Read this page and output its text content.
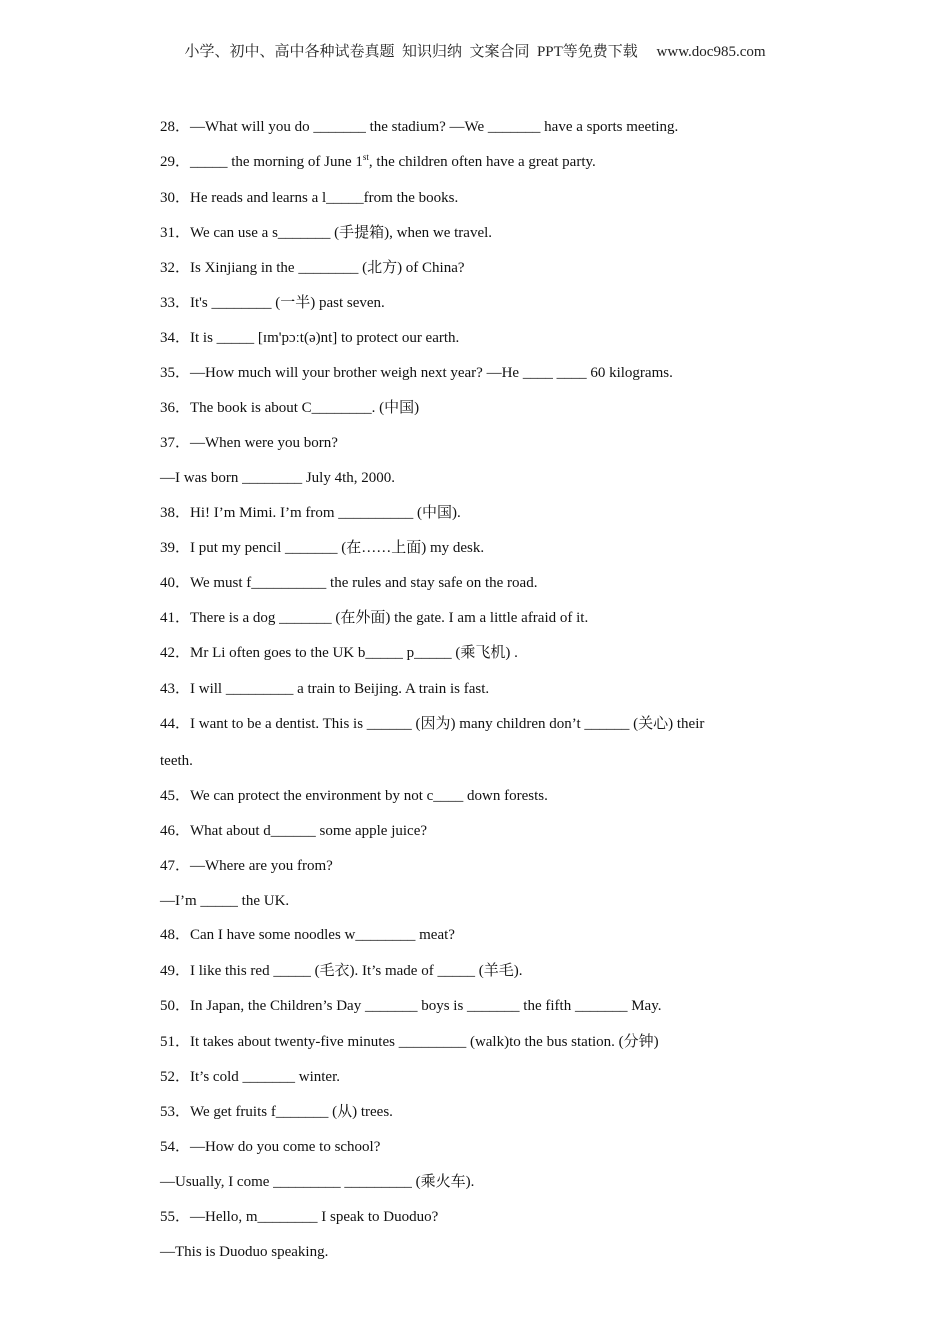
小学、初中、高中各种试卷真题  知识归纳  文案合同  PPT等免费下载     www.doc985.com
28．—What will you do _______ the stadium? —We _______ have a sports meeting.
29．_____ the morning of June 1st, the children often have a great party.
30．He reads and learns a l_____from the books.
31．We can use a s_______ (手提箱), when we travel.
32．Is Xinjiang in the ________ (北方) of China?
33．It's ________ (一半) past seven.
34．It is _____ [ɪm'pɔːt(ə)nt] to protect our earth.
35．—How much will your brother weigh next year? —He ____ ____ 60 kilograms.
36．The book is about C________. (中国)
37．—When were you born?
—I was born ________ July 4th, 2000.
38．Hi! I’m Mimi. I’m from __________ (中国).
39．I put my pencil _______ (在……上面) my desk.
40．We must f__________ the rules and stay safe on the road.
41．There is a dog _______ (在外面) the gate. I am a little afraid of it.
42．Mr Li often goes to the UK b_____ p_____ (乘飞机) .
43．I will _________ a train to Beijing. A train is fast.
44．I want to be a dentist. This is ______ (因为) many children don’t ______ (关心) their
teeth.
45．We can protect the environment by not c____ down forests.
46．What about d______ some apple juice?
47．—Where are you from?
—I’m _____ the UK.
48．Can I have some noodles w________ meat?
49．I like this red _____ (毛衣). It’s made of _____ (羊毛).
50．In Japan, the Children’s Day _______ boys is _______ the fifth _______ May.
51．It takes about twenty-five minutes _________ (walk)to the bus station. (分钟)
52．It’s cold _______ winter.
53．We get fruits f_______ (从) trees.
54．—How do you come to school?
—Usually, I come _________ _________ (乘火车).
55．—Hello, m________ I speak to Duoduo?
—This is Duoduo speaking.
